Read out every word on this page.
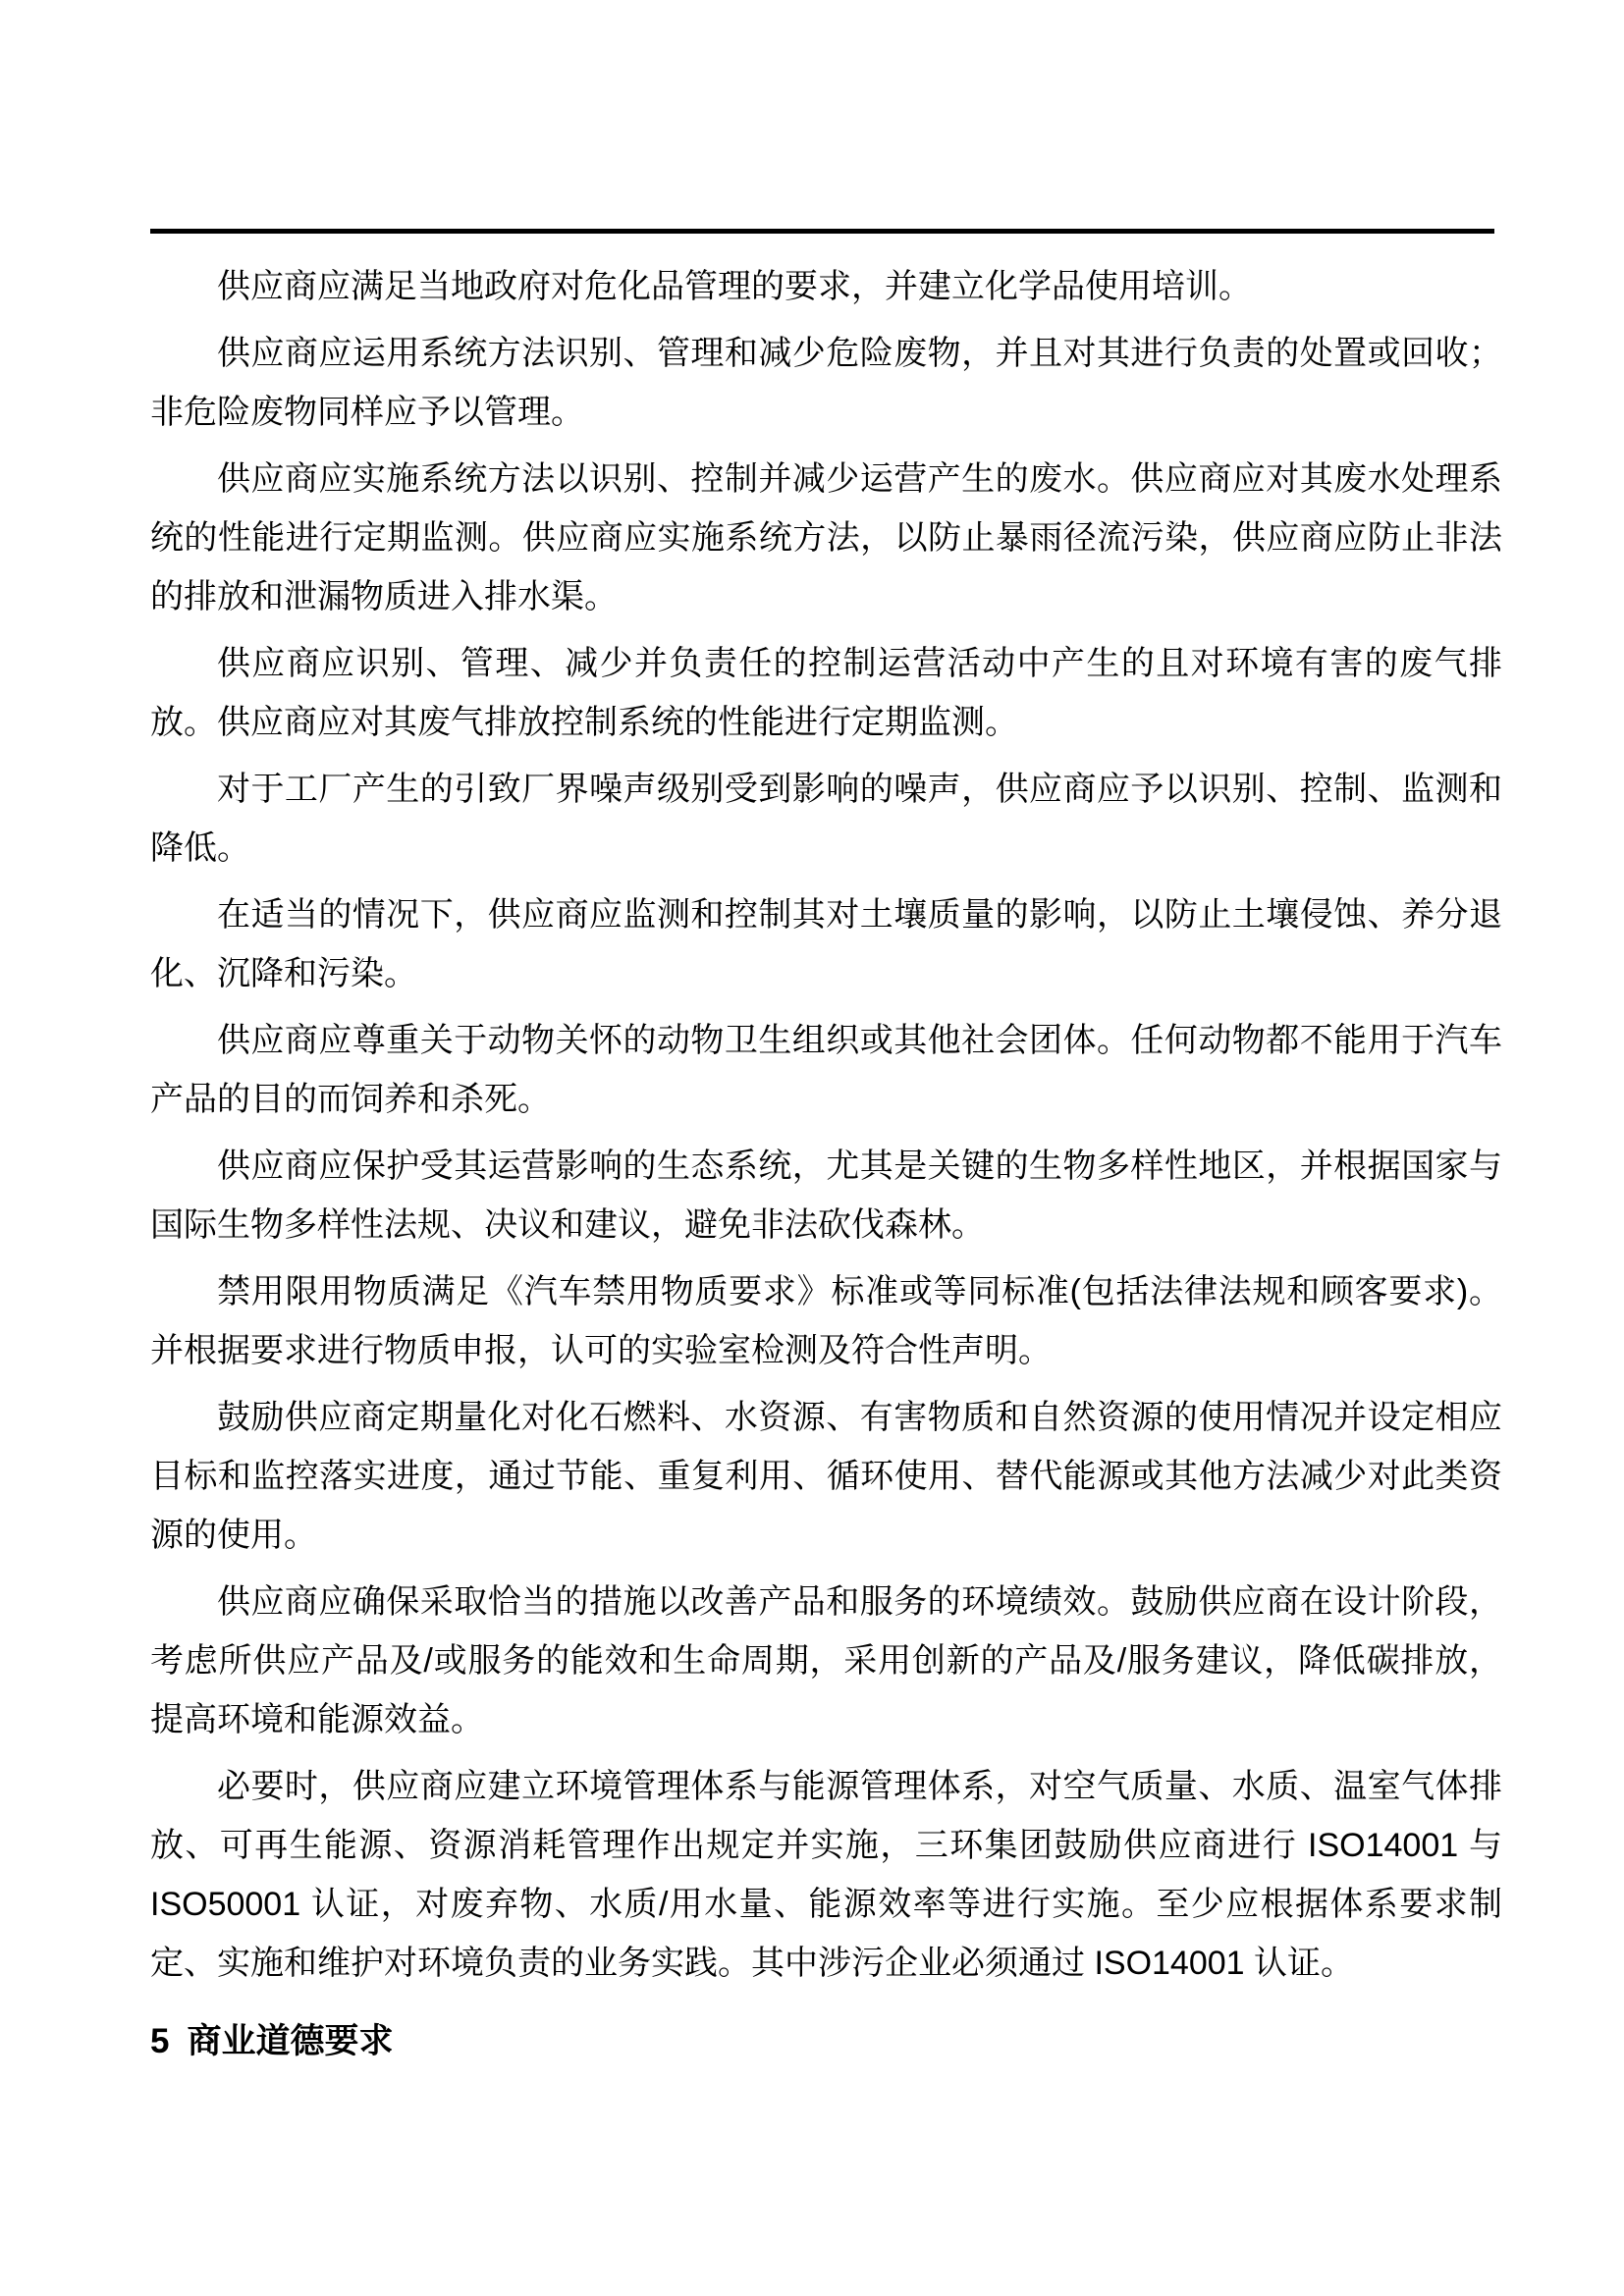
供应商应满足当地政府对危化品管理的要求，并建立化学品使用培训。

供应商应运用系统方法识别、管理和减少危险废物，并且对其进行负责的处置或回收；非危险废物同样应予以管理。

供应商应实施系统方法以识别、控制并减少运营产生的废水。供应商应对其废水处理系统的性能进行定期监测。供应商应实施系统方法，以防止暴雨径流污染，供应商应防止非法的排放和泄漏物质进入排水渠。

供应商应识别、管理、减少并负责任的控制运营活动中产生的且对环境有害的废气排放。供应商应对其废气排放控制系统的性能进行定期监测。

对于工厂产生的引致厂界噪声级别受到影响的噪声，供应商应予以识别、控制、监测和降低。

在适当的情况下，供应商应监测和控制其对土壤质量的影响，以防止土壤侵蚀、养分退化、沉降和污染。

供应商应尊重关于动物关怀的动物卫生组织或其他社会团体。任何动物都不能用于汽车产品的目的而饲养和杀死。

供应商应保护受其运营影响的生态系统，尤其是关键的生物多样性地区，并根据国家与国际生物多样性法规、决议和建议，避免非法砍伐森林。

禁用限用物质满足《汽车禁用物质要求》标准或等同标准(包括法律法规和顾客要求)。并根据要求进行物质申报，认可的实验室检测及符合性声明。

鼓励供应商定期量化对化石燃料、水资源、有害物质和自然资源的使用情况并设定相应目标和监控落实进度，通过节能、重复利用、循环使用、替代能源或其他方法减少对此类资源的使用。

供应商应确保采取恰当的措施以改善产品和服务的环境绩效。鼓励供应商在设计阶段，考虑所供应产品及/或服务的能效和生命周期，采用创新的产品及/服务建议，降低碳排放，提高环境和能源效益。

必要时，供应商应建立环境管理体系与能源管理体系，对空气质量、水质、温室气体排放、可再生能源、资源消耗管理作出规定并实施，三环集团鼓励供应商进行 ISO14001 与 ISO50001 认证，对废弃物、水质/用水量、能源效率等进行实施。至少应根据体系要求制定、实施和维护对环境负责的业务实践。其中涉污企业必须通过 ISO14001 认证。

5 商业道德要求
